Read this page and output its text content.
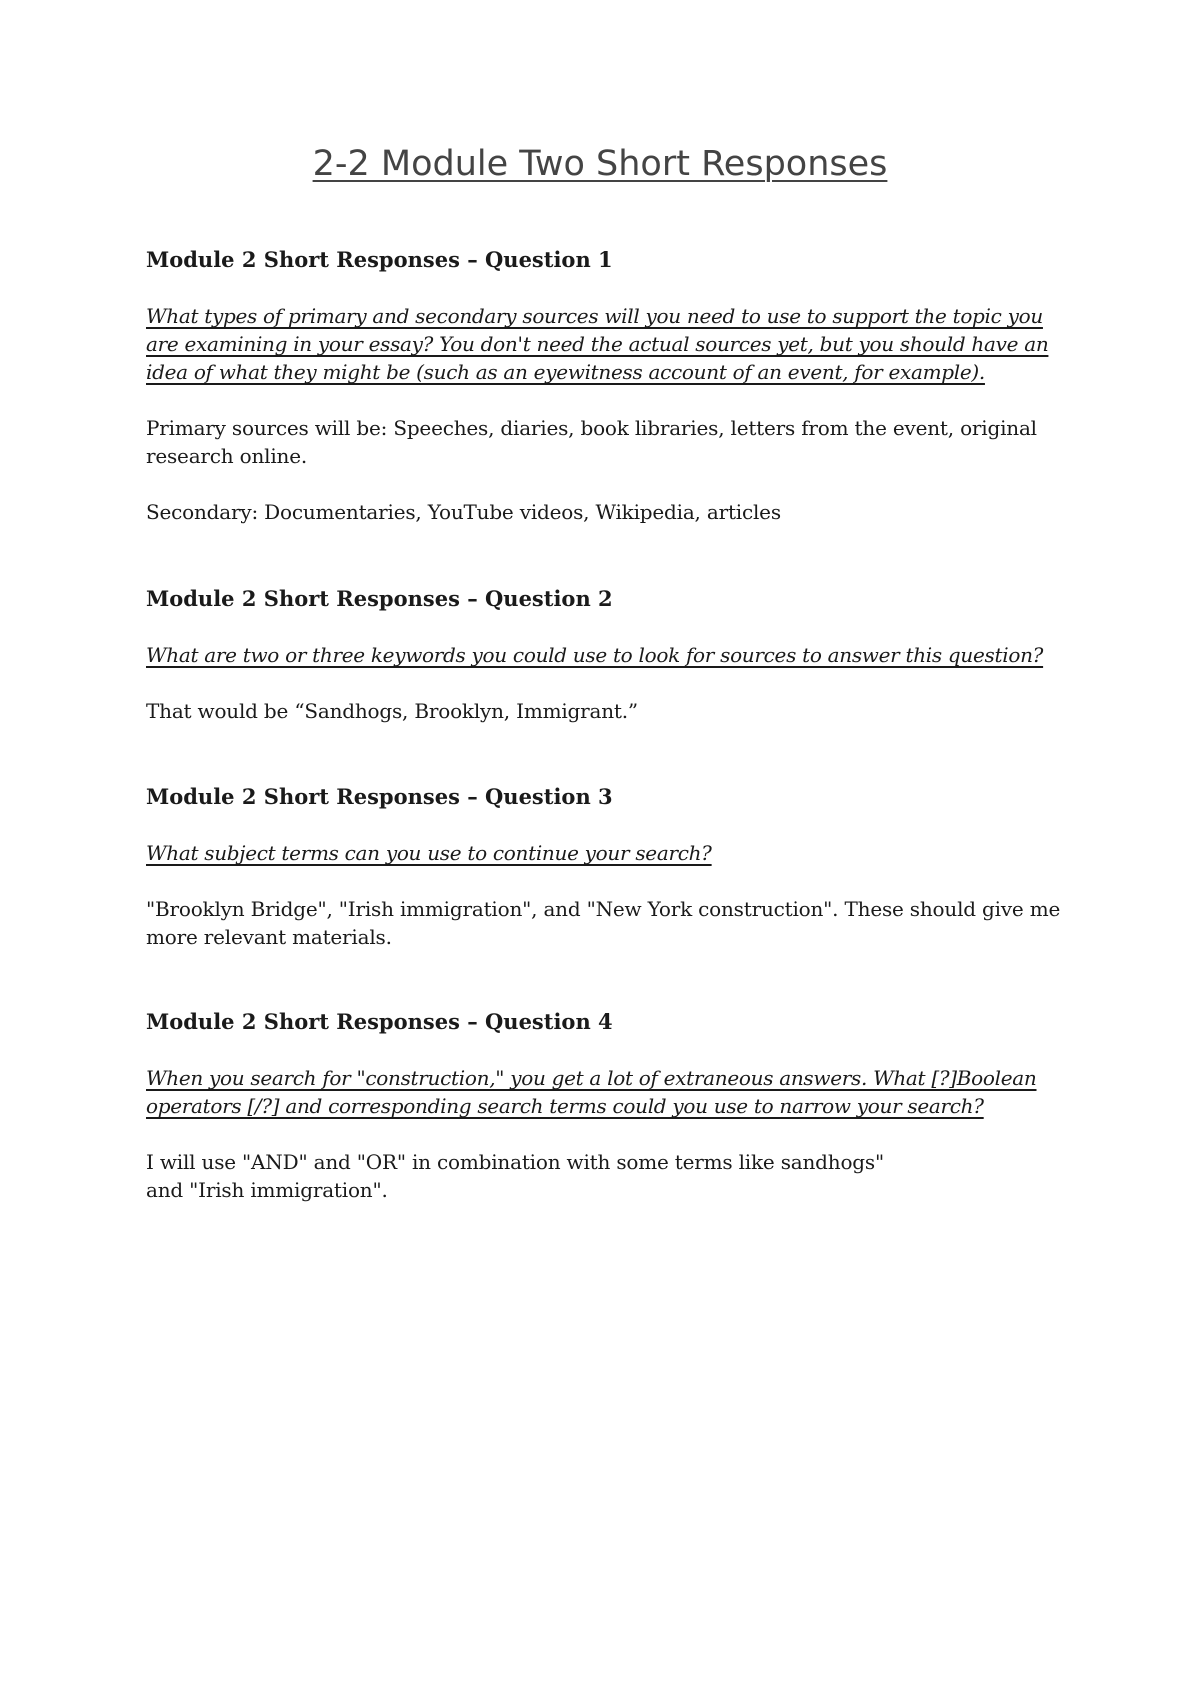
2-2 Module Two Short Responses

Module 2 Short Responses – Question 1

What types of primary and secondary sources will you need to use to support the topic you
are examining in your essay? You don't need the actual sources yet, but you should have an
idea of what they might be (such as an eyewitness account of an event, for example).

Primary sources will be: Speeches, diaries, book libraries, letters from the event, original
research online.

Secondary: Documentaries, YouTube videos, Wikipedia, articles

Module 2 Short Responses – Question 2

What are two or three keywords you could use to look for sources to answer this question?

That would be “Sandhogs, Brooklyn, Immigrant.”

Module 2 Short Responses – Question 3

What subject terms can you use to continue your search?

"Brooklyn Bridge", "Irish immigration", and "New York construction". These should give me
more relevant materials.

Module 2 Short Responses – Question 4

When you search for "construction," you get a lot of extraneous answers. What [?]Boolean
operators [/?] and corresponding search terms could you use to narrow your search?

I will use "AND" and "OR" in combination with some terms like sandhogs"
and "Irish immigration".
